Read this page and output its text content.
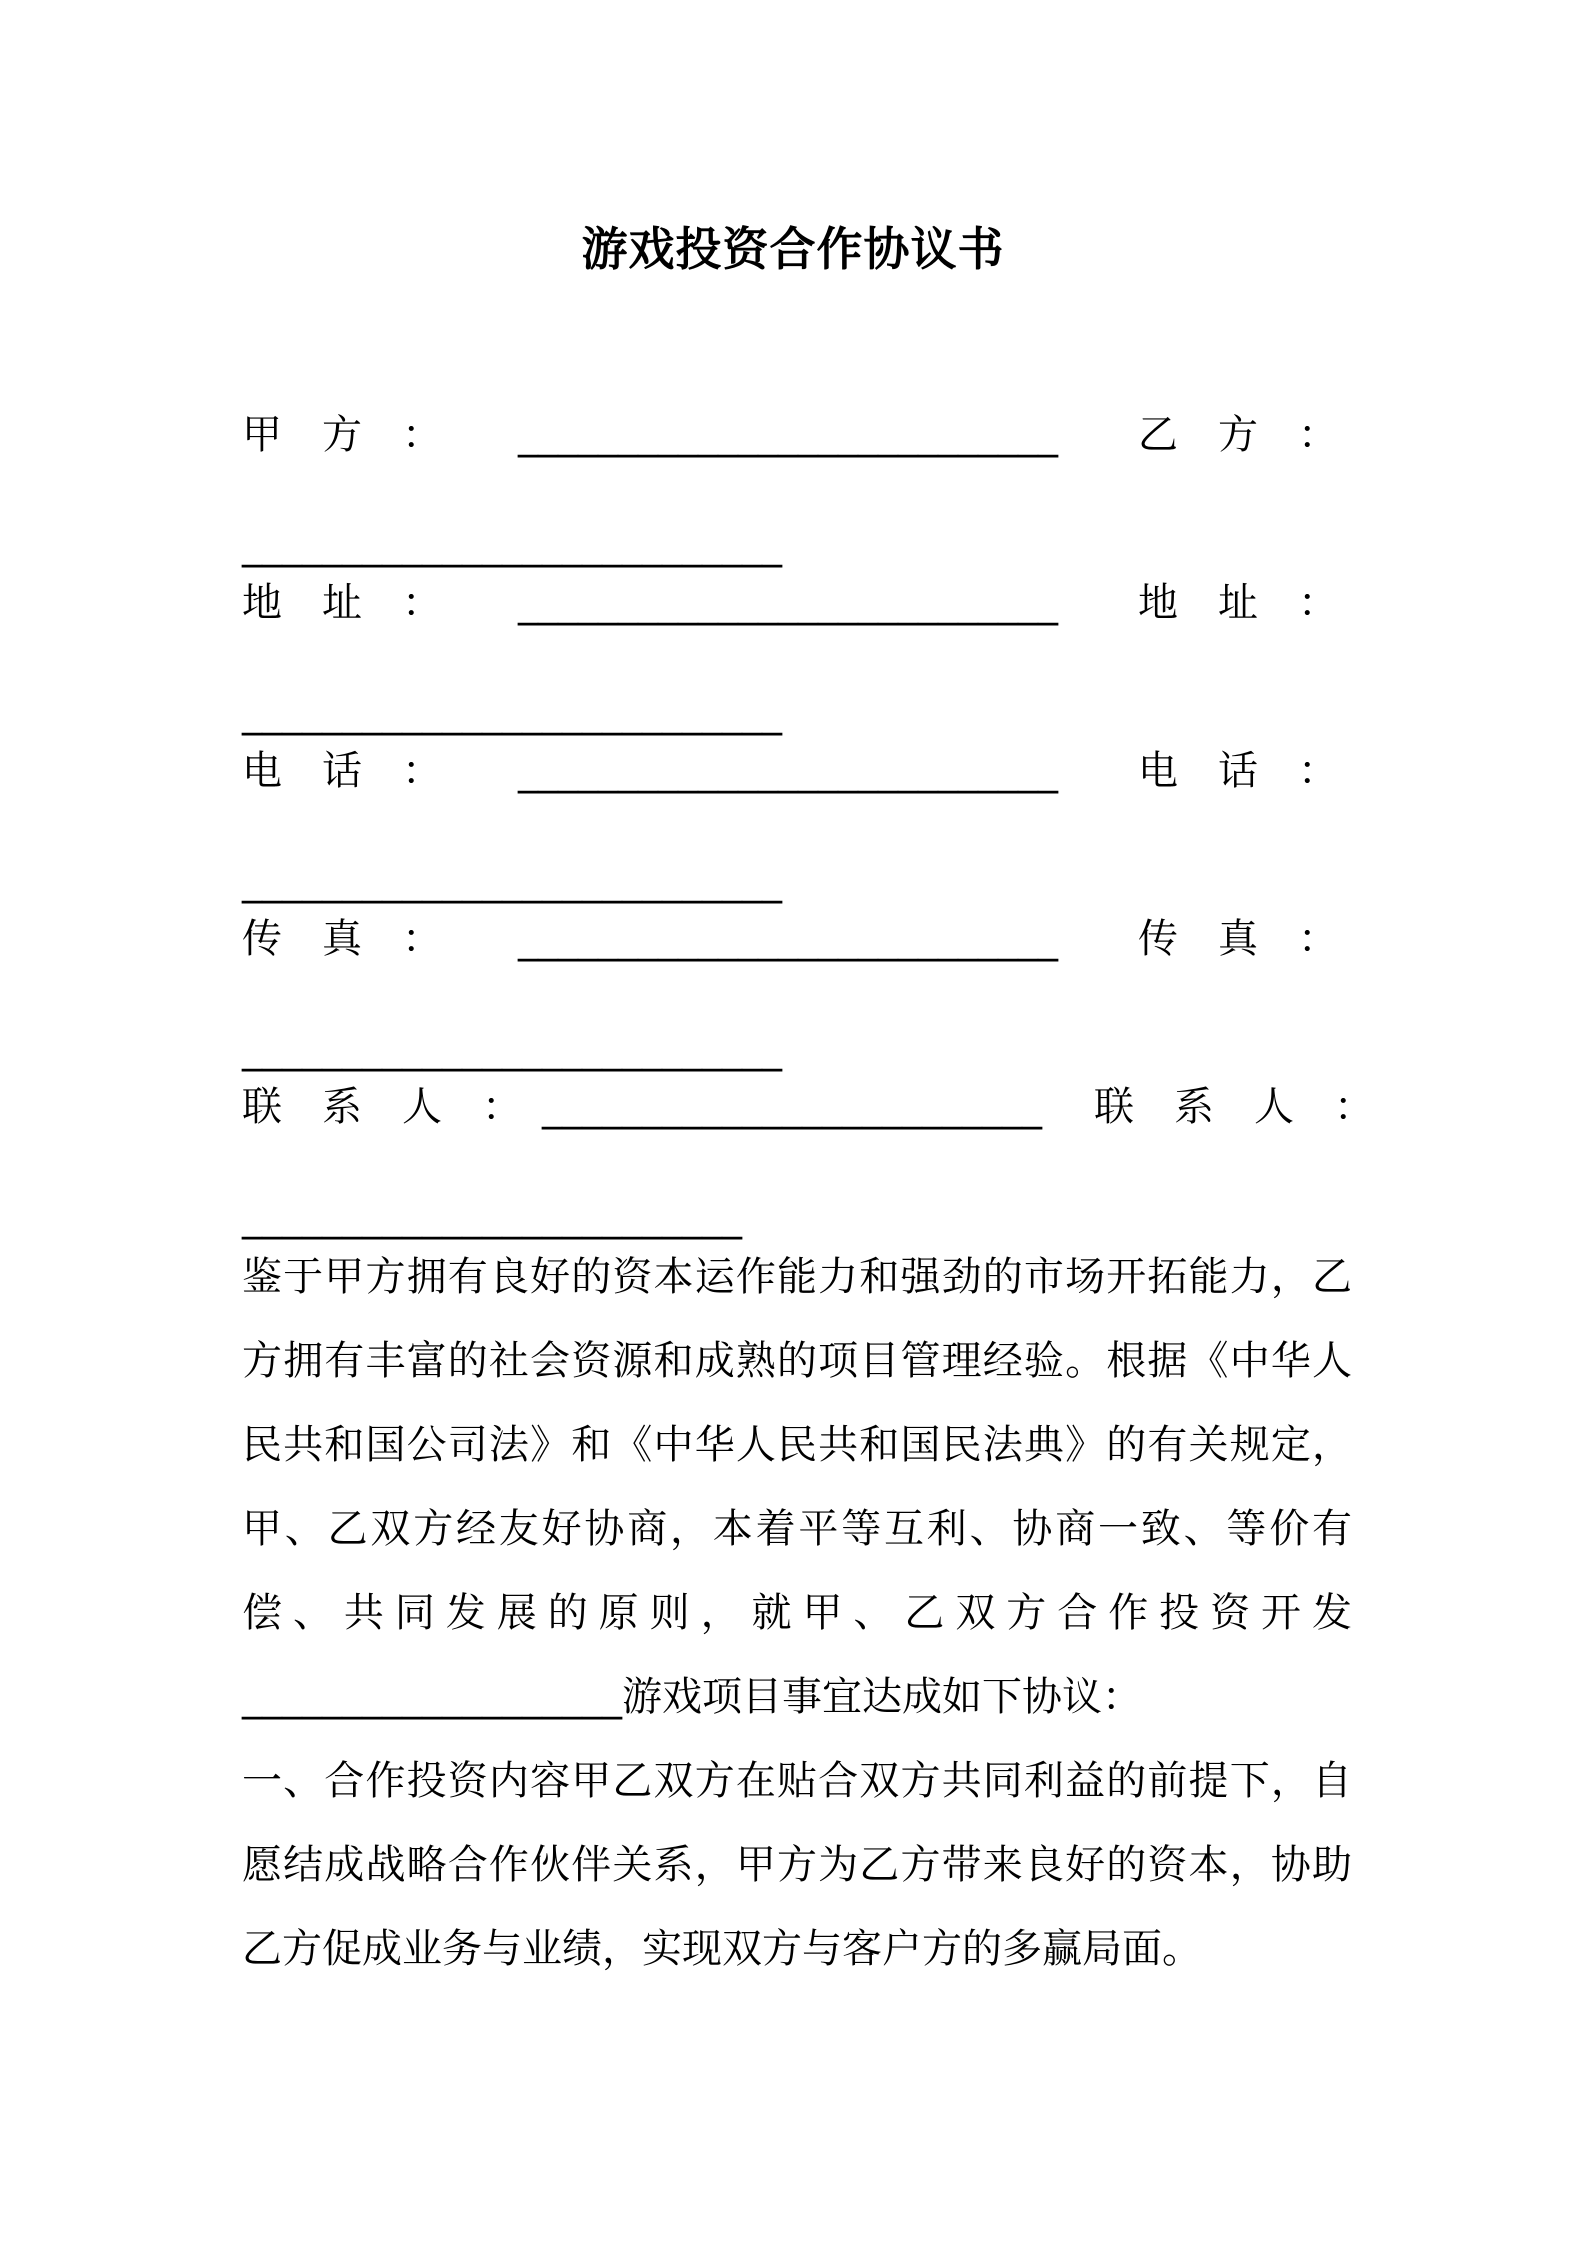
游戏投资合作协议书
甲　方　： ___________________________ 乙　方　：
___________________________
地　址　： ___________________________ 地　址　：
___________________________
电　话　： ___________________________ 电　话　：
___________________________
传　真　： ___________________________ 传　真　：
___________________________
联　系　人　： _________________________ 联　系　人　：
_________________________

鉴于甲方拥有良好的资本运作能力和强劲的市场开拓能力，乙方拥有丰富的社会资源和成熟的项目管理经验。根据《中华人民共和国公司法》和《中华人民共和国民法典》的有关规定，甲、乙双方经友好协商，本着平等互利、协商一致、等价有偿、共同发展的原则，就甲、乙双方合作投资开发___________________游戏项目事宜达成如下协议：

一、合作投资内容甲乙双方在贴合双方共同利益的前提下，自愿结成战略合作伙伴关系，甲方为乙方带来良好的资本，协助乙方促成业务与业绩，实现双方与客户方的多赢局面。
